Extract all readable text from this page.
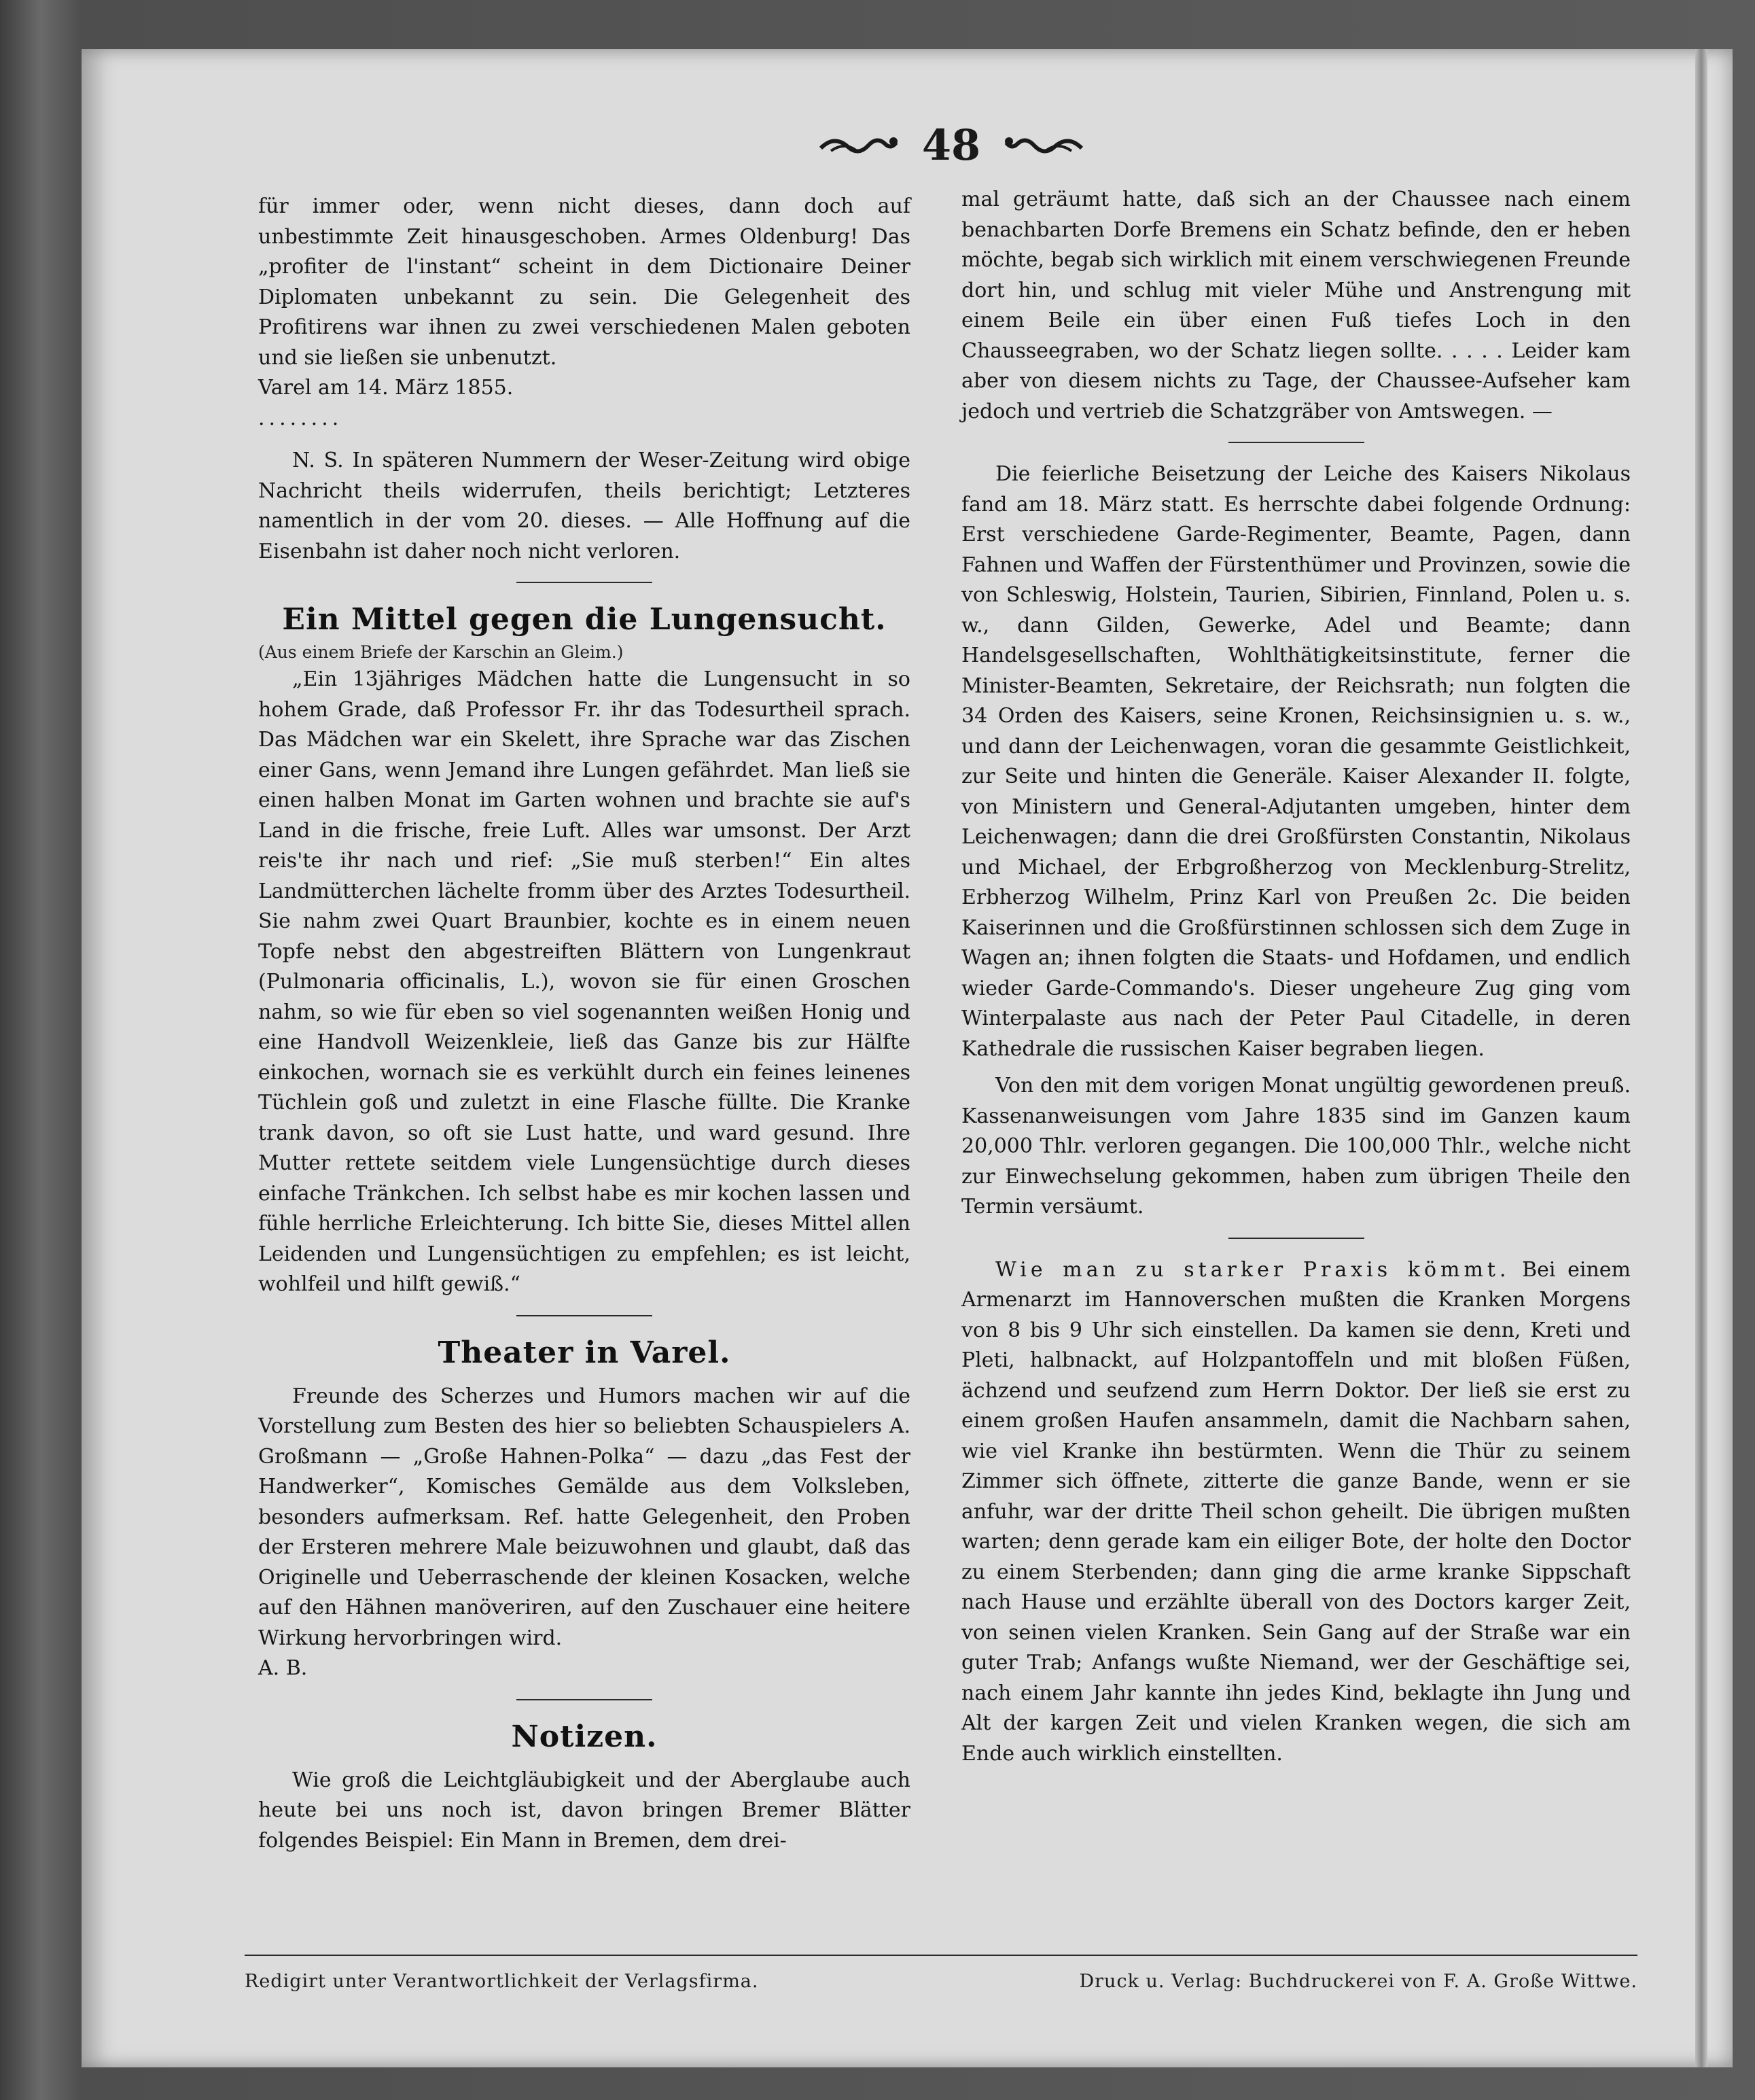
48

für immer oder, wenn nicht dieses, dann doch auf unbestimmte Zeit hinausgeschoben. Armes Oldenburg! Das „profiter de l'instant“ scheint in dem Dictionaire Deiner Diplomaten unbekannt zu sein. Die Gelegenheit des Profitirens war ihnen zu zwei verschiedenen Malen geboten und sie ließen sie unbenutzt.

Varel am 14. März 1855.

........

N. S. In späteren Nummern der Weser-Zeitung wird obige Nachricht theils widerrufen, theils berichtigt; Letzteres namentlich in der vom 20. dieses. — Alle Hoffnung auf die Eisenbahn ist daher noch nicht verloren.

Ein Mittel gegen die Lungensucht.

(Aus einem Briefe der Karschin an Gleim.)

„Ein 13jähriges Mädchen hatte die Lungensucht in so hohem Grade, daß Professor Fr. ihr das Todesurtheil sprach. Das Mädchen war ein Skelett, ihre Sprache war das Zischen einer Gans, wenn Jemand ihre Lungen gefährdet. Man ließ sie einen halben Monat im Garten wohnen und brachte sie auf's Land in die frische, freie Luft. Alles war umsonst. Der Arzt reis'te ihr nach und rief: „Sie muß sterben!“ Ein altes Landmütterchen lächelte fromm über des Arztes Todesurtheil. Sie nahm zwei Quart Braunbier, kochte es in einem neuen Topfe nebst den abgestreiften Blättern von Lungenkraut (Pulmonaria officinalis, L.), wovon sie für einen Groschen nahm, so wie für eben so viel sogenannten weißen Honig und eine Handvoll Weizenkleie, ließ das Ganze bis zur Hälfte einkochen, wornach sie es verkühlt durch ein feines leinenes Tüchlein goß und zuletzt in eine Flasche füllte. Die Kranke trank davon, so oft sie Lust hatte, und ward gesund. Ihre Mutter rettete seitdem viele Lungensüchtige durch dieses einfache Tränkchen. Ich selbst habe es mir kochen lassen und fühle herrliche Erleichterung. Ich bitte Sie, dieses Mittel allen Leidenden und Lungensüchtigen zu empfehlen; es ist leicht, wohlfeil und hilft gewiß.“

Theater in Varel.

Freunde des Scherzes und Humors machen wir auf die Vorstellung zum Besten des hier so beliebten Schauspielers A. Großmann — „Große Hahnen-Polka“ — dazu „das Fest der Handwerker“, Komisches Gemälde aus dem Volksleben, besonders aufmerksam. Ref. hatte Gelegenheit, den Proben der Ersteren mehrere Male beizuwohnen und glaubt, daß das Originelle und Ueberraschende der kleinen Kosacken, welche auf den Hähnen manöveriren, auf den Zuschauer eine heitere Wirkung hervorbringen wird.

A. B.

Notizen.

Wie groß die Leichtgläubigkeit und der Aberglaube auch heute bei uns noch ist, davon bringen Bremer Blätter folgendes Beispiel: Ein Mann in Bremen, dem drei-

mal geträumt hatte, daß sich an der Chaussee nach einem benachbarten Dorfe Bremens ein Schatz befinde, den er heben möchte, begab sich wirklich mit einem verschwiegenen Freunde dort hin, und schlug mit vieler Mühe und Anstrengung mit einem Beile ein über einen Fuß tiefes Loch in den Chausseegraben, wo der Schatz liegen sollte. . . . . Leider kam aber von diesem nichts zu Tage, der Chaussee-Aufseher kam jedoch und vertrieb die Schatzgräber von Amtswegen. —

Die feierliche Beisetzung der Leiche des Kaisers Nikolaus fand am 18. März statt. Es herrschte dabei folgende Ordnung: Erst verschiedene Garde-Regimenter, Beamte, Pagen, dann Fahnen und Waffen der Fürstenthümer und Provinzen, sowie die von Schleswig, Holstein, Taurien, Sibirien, Finnland, Polen u. s. w., dann Gilden, Gewerke, Adel und Beamte; dann Handelsgesellschaften, Wohlthätigkeitsinstitute, ferner die Minister-Beamten, Sekretaire, der Reichsrath; nun folgten die 34 Orden des Kaisers, seine Kronen, Reichsinsignien u. s. w., und dann der Leichenwagen, voran die gesammte Geistlichkeit, zur Seite und hinten die Generäle. Kaiser Alexander II. folgte, von Ministern und General-Adjutanten umgeben, hinter dem Leichenwagen; dann die drei Großfürsten Constantin, Nikolaus und Michael, der Erbgroßherzog von Mecklenburg-Strelitz, Erbherzog Wilhelm, Prinz Karl von Preußen 2c. Die beiden Kaiserinnen und die Großfürstinnen schlossen sich dem Zuge in Wagen an; ihnen folgten die Staats- und Hofdamen, und endlich wieder Garde-Commando's. Dieser ungeheure Zug ging vom Winterpalaste aus nach der Peter Paul Citadelle, in deren Kathedrale die russischen Kaiser begraben liegen.

Von den mit dem vorigen Monat ungültig gewordenen preuß. Kassenanweisungen vom Jahre 1835 sind im Ganzen kaum 20,000 Thlr. verloren gegangen. Die 100,000 Thlr., welche nicht zur Einwechselung gekommen, haben zum übrigen Theile den Termin versäumt.

Wie man zu starker Praxis kömmt. Bei einem Armenarzt im Hannoverschen mußten die Kranken Morgens von 8 bis 9 Uhr sich einstellen. Da kamen sie denn, Kreti und Pleti, halbnackt, auf Holzpantoffeln und mit bloßen Füßen, ächzend und seufzend zum Herrn Doktor. Der ließ sie erst zu einem großen Haufen ansammeln, damit die Nachbarn sahen, wie viel Kranke ihn bestürmten. Wenn die Thür zu seinem Zimmer sich öffnete, zitterte die ganze Bande, wenn er sie anfuhr, war der dritte Theil schon geheilt. Die übrigen mußten warten; denn gerade kam ein eiliger Bote, der holte den Doctor zu einem Sterbenden; dann ging die arme kranke Sippschaft nach Hause und erzählte überall von des Doctors karger Zeit, von seinen vielen Kranken. Sein Gang auf der Straße war ein guter Trab; Anfangs wußte Niemand, wer der Geschäftige sei, nach einem Jahr kannte ihn jedes Kind, beklagte ihn Jung und Alt der kargen Zeit und vielen Kranken wegen, die sich am Ende auch wirklich einstellten.

Redigirt unter Verantwortlichkeit der Verlagsfirma.	Druck u. Verlag: Buchdruckerei von F. A. Große Wittwe.
